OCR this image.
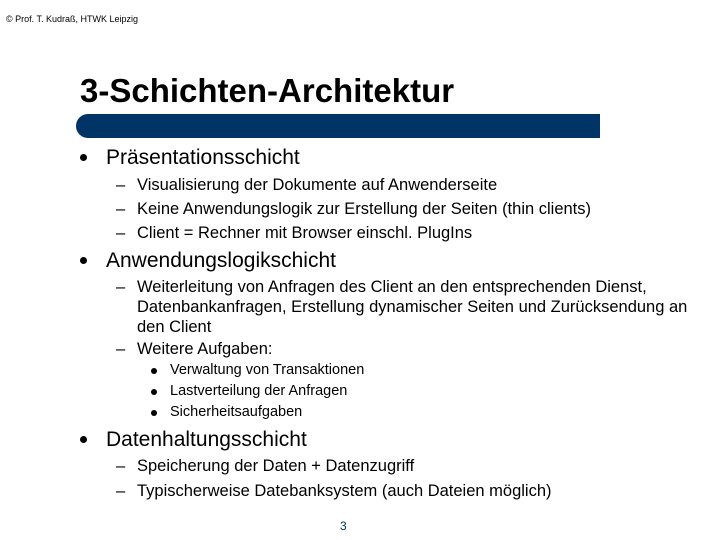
© Prof. T. Kudraß, HTWK Leipzig
3-Schichten-Architektur
Präsentationsschicht
– Visualisierung der Dokumente auf Anwenderseite
– Keine Anwendungslogik zur Erstellung der Seiten (thin clients)
– Client = Rechner mit Browser einschl. PlugIns
Anwendungslogikschicht
– Weiterleitung von Anfragen des Client an den entsprechenden Dienst, Datenbankanfragen, Erstellung dynamischer Seiten und Zurücksendung an den Client
– Weitere Aufgaben:
Verwaltung von Transaktionen
Lastverteilung der Anfragen
Sicherheitsaufgaben
Datenhaltungsschicht
– Speicherung der Daten + Datenzugriff
– Typischerweise Datebanksystem (auch Dateien möglich)
3
